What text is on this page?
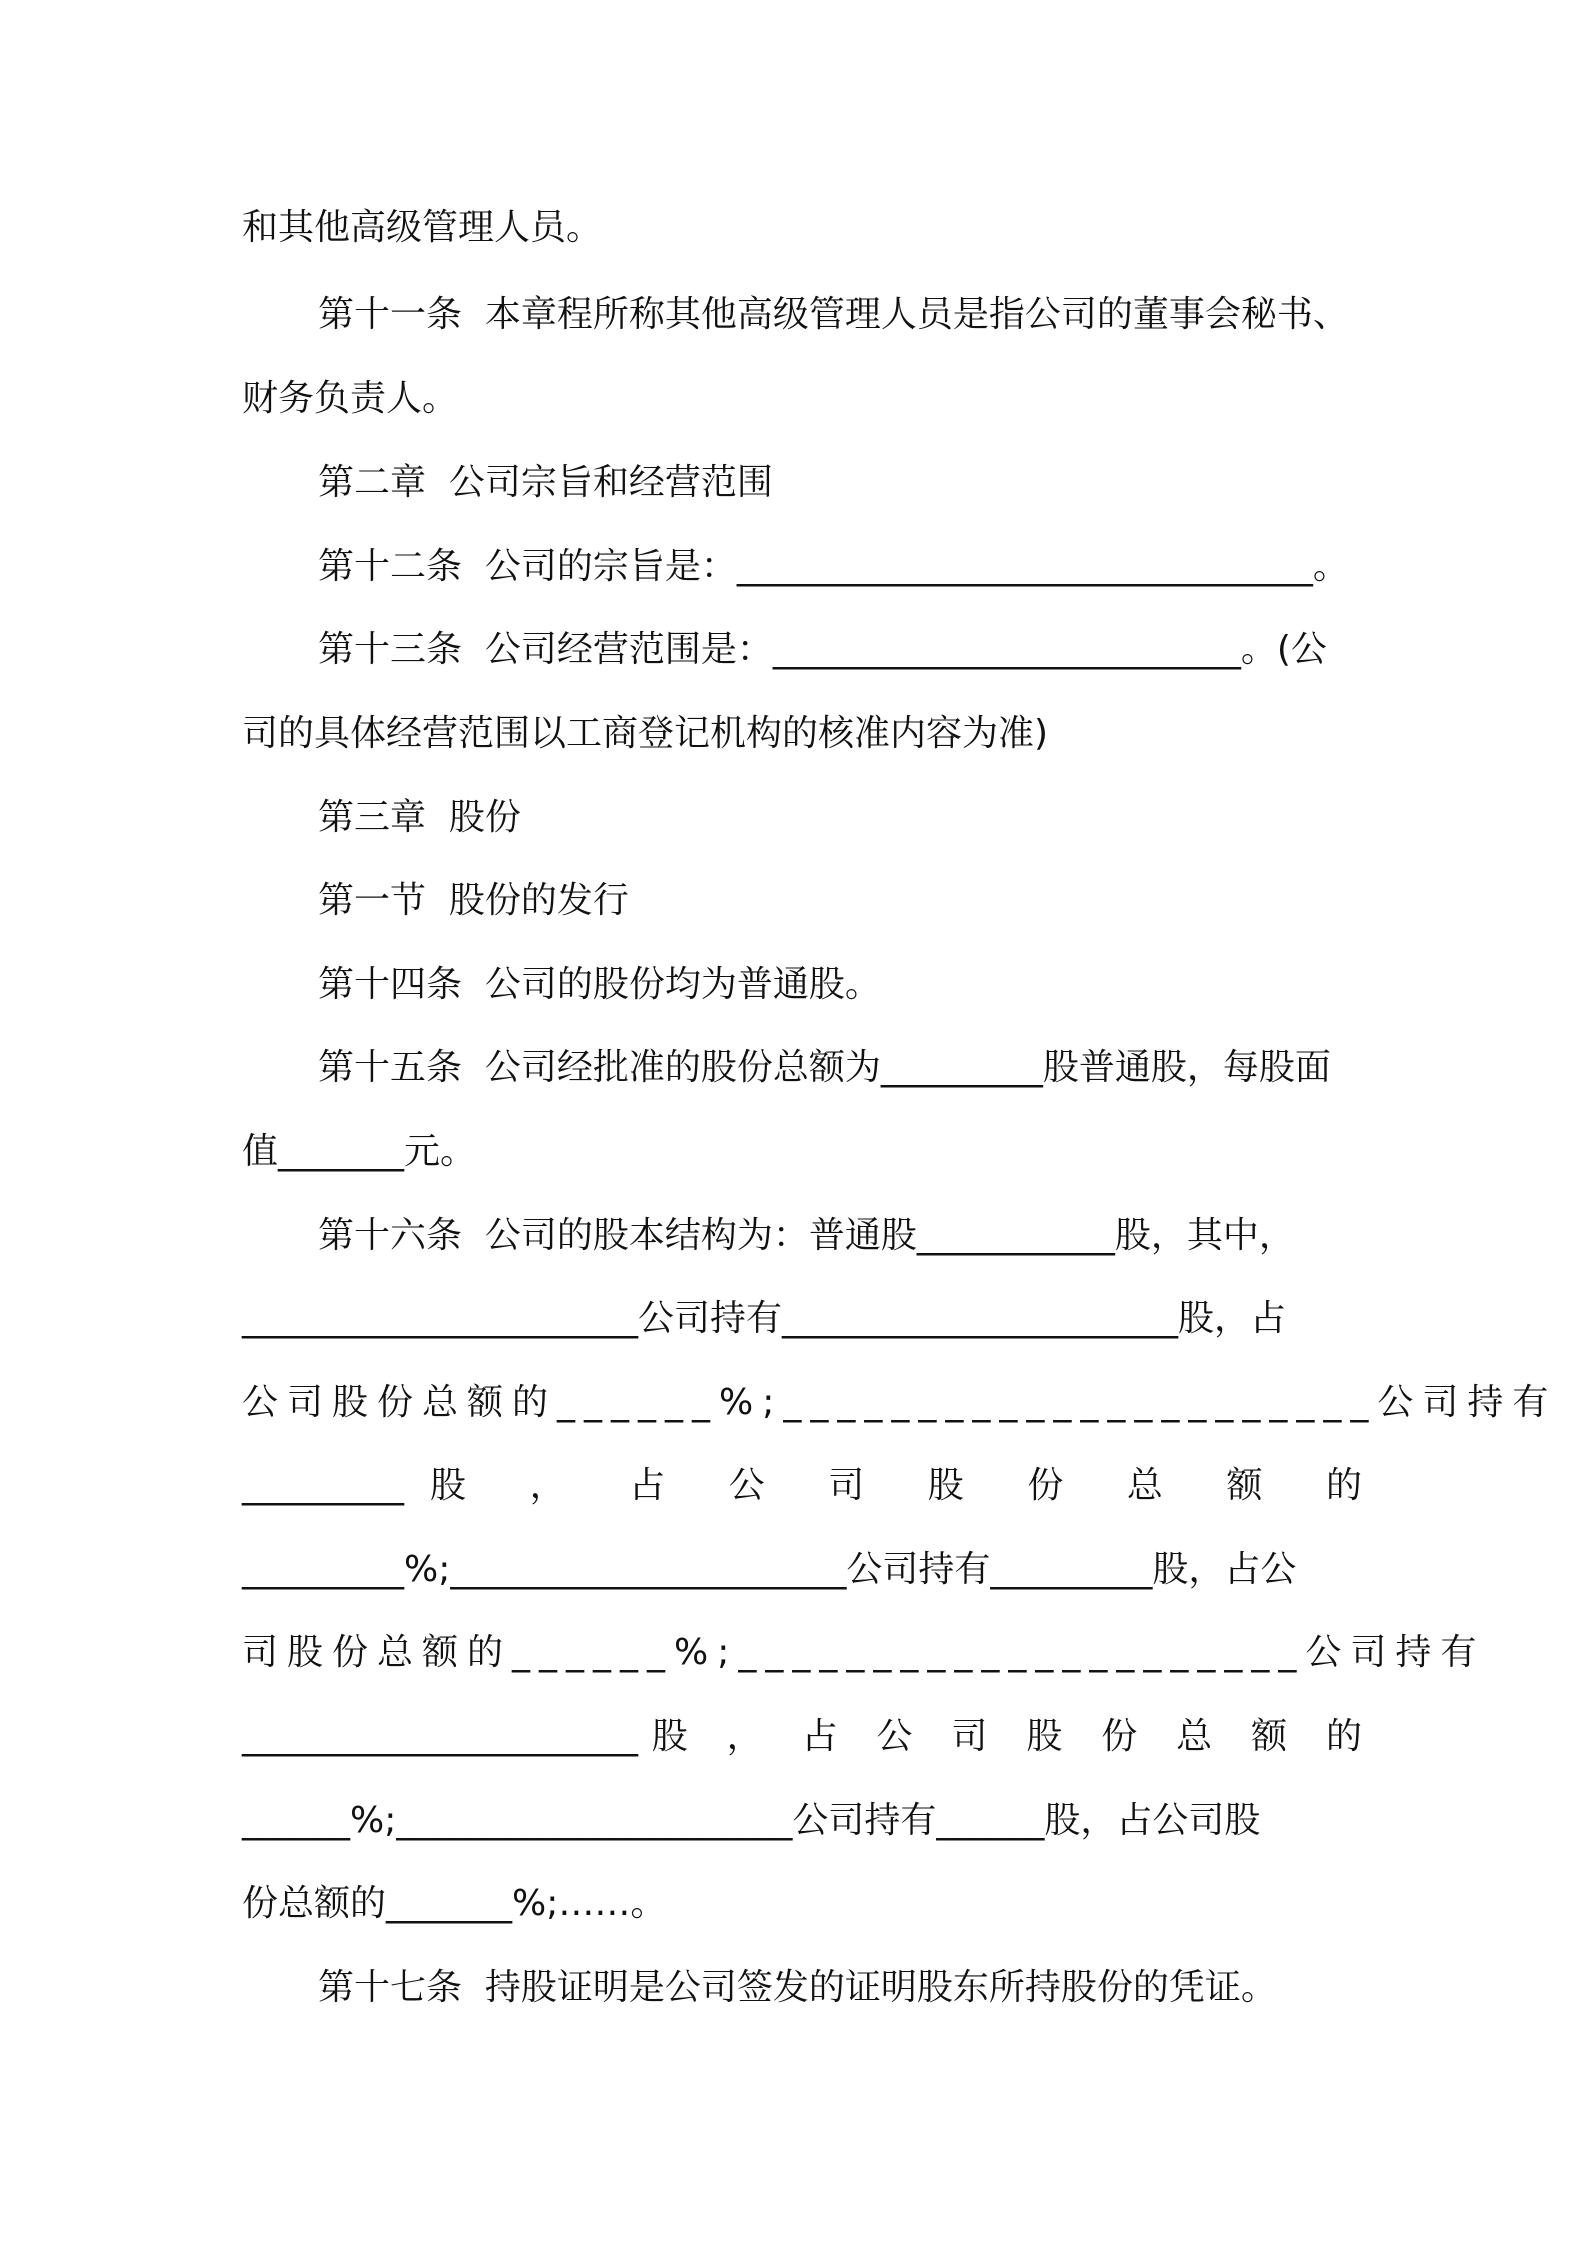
和其他高级管理人员。
第十一条  本章程所称其他高级管理人员是指公司的董事会秘书、
财务负责人。
第二章  公司宗旨和经营范围
第十二条  公司的宗旨是：________________________________。
第十三条  公司经营范围是：__________________________。(公
司的具体经营范围以工商登记机构的核准内容为准)
第三章  股份
第一节  股份的发行
第十四条  公司的股份均为普通股。
第十五条  公司经批准的股份总额为_________股普通股，每股面
值_______元。
第十六条  公司的股本结构为：普通股___________股，其中，
______________________公司持有______________________股，占
公司股份总额的______%;______________________公司持有
_________股 ， 占 公 司 股 份 总 额 的
_________%;______________________公司持有_________股，占公
司股份总额的______%;_____________________公司持有
______________________股 ， 占 公 司 股 份 总 额 的
______%;______________________公司持有______股，占公司股
份总额的_______%;……。
第十七条  持股证明是公司签发的证明股东所持股份的凭证。
